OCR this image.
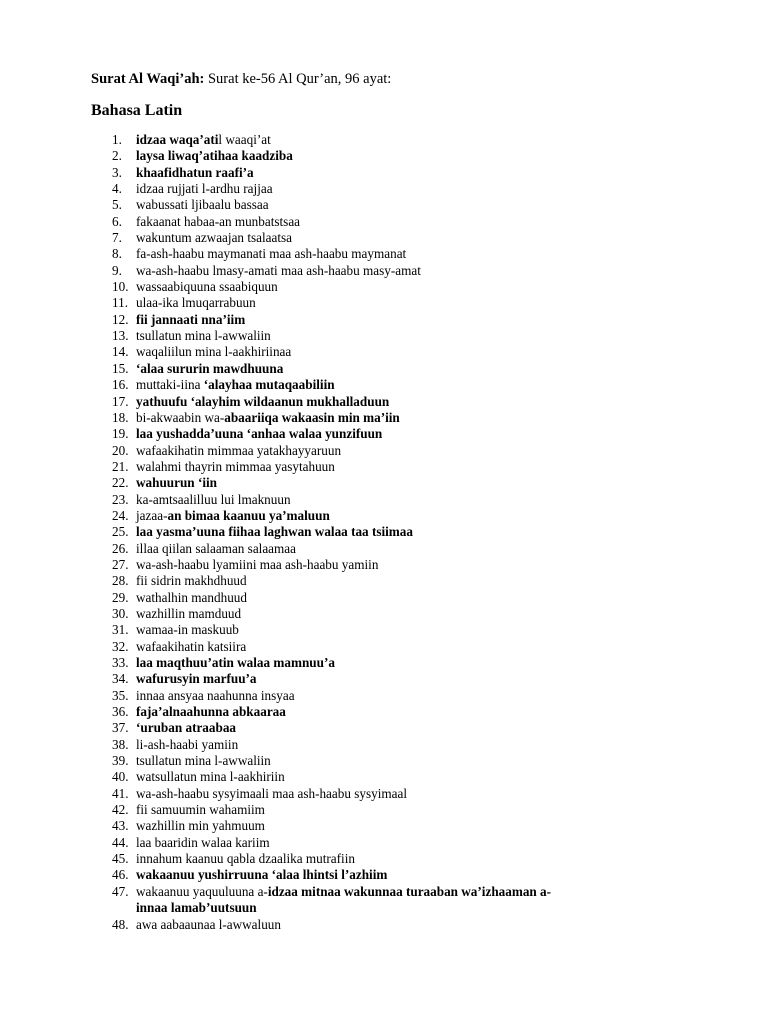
Surat Al Waqi’ah: Surat ke-56 Al Qur’an, 96 ayat:
Bahasa Latin
1. idzaa waqa’atil waaqi’at
2. laysa liwaq’atihaa kaadziba
3. khaafidhatun raafi’a
4. idzaa rujjati l-ardhu rajjaa
5. wabussati ljibaalu bassaa
6. fakaanat habaa-an munbatstsaa
7. wakuntum azwaajan tsalaatsa
8. fa-ash-haabu maymanati maa ash-haabu maymanat
9. wa-ash-haabu lmasy-amati maa ash-haabu masy-amat
10. wassaabiquuna ssaabiquun
11. ulaa-ika lmuqarrabuun
12. fii jannaati nna’iim
13. tsullatun mina l-awwaliin
14. waqaliilun mina l-aakhiriinaa
15. ‘alaa sururin mawdhuuna
16. muttaki-iina ‘alayhaa mutaqaabiliin
17. yathuufu ‘alayhim wildaanun mukhalladuun
18. bi-akwaabin wa-abaariiqa wakaasin min ma’iin
19. laa yushadda’uuna ‘anhaa walaa yunzifuun
20. wafaakihatin mimmaa yatakhayyaruun
21. walahmi thayrin mimmaa yasytahuun
22. wahuurun ‘iin
23. ka-amtsaalilluu lui lmaknuun
24. jazaa-an bimaa kaanuu ya’maluun
25. laa yasma’uuna fiihaa laghwan walaa taa tsiimaa
26. illaa qiilan salaaman salaamaa
27. wa-ash-haabu lyamiini maa ash-haabu yamiin
28. fii sidrin makhdhuud
29. wathalhin mandhuud
30. wazhillin mamduud
31. wamaa-in maskuub
32. wafaakihatin katsiira
33. laa maqthuu’atin walaa mamnuu’a
34. wafurusyin marfuu’a
35. innaa ansyaa naahunna insyaa
36. faja’alnaahunna abkaaraa
37. ‘uruban atraabaa
38. li-ash-haabi yamiin
39. tsullatun mina l-awwaliin
40. watsullatun mina l-aakhiriin
41. wa-ash-haabu sysyimaali maa ash-haabu sysyimaal
42. fii samuumin wahamiim
43. wazhillin min yahmuum
44. laa baaridin walaa kariim
45. innahum kaanuu qabla dzaalika mutrafiin
46. wakaanuu yushirruuna ‘alaa lhintsi l’azhiim
47. wakaanuu yaquuluuna a-idzaa mitnaa wakunnaa turaaban wa’izhaaman a-
innaa lamab’uutsuun
48. awa aabaaunaa l-awwaluun
